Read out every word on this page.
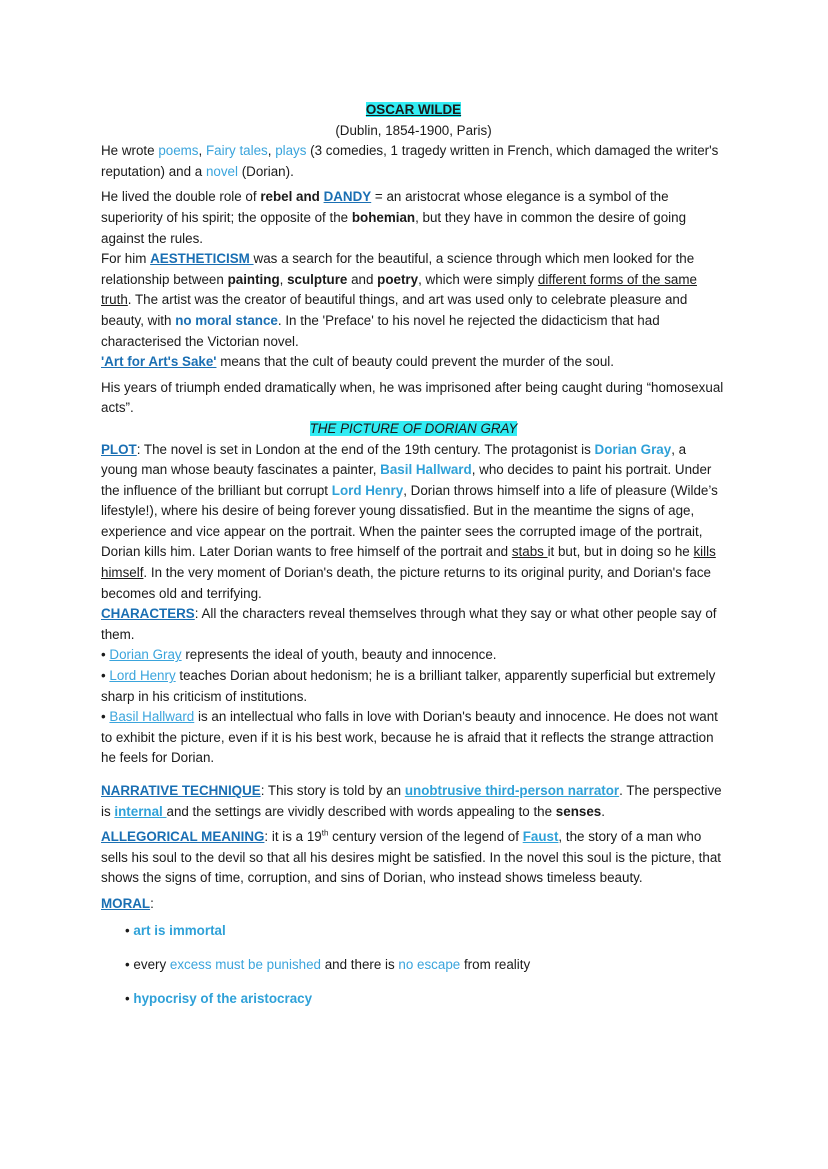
OSCAR WILDE

(Dublin, 1854-1900, Paris)

He wrote poems, Fairy tales, plays (3 comedies, 1 tragedy written in French, which damaged the writer's reputation) and a novel (Dorian).

He lived the double role of rebel and DANDY = an aristocrat whose elegance is a symbol of the superiority of his spirit; the opposite of the bohemian, but they have in common the desire of going against the rules.

For him AESTHETICISM was a search for the beautiful, a science through which men looked for the relationship between painting, sculpture and poetry, which were simply different forms of the same truth. The artist was the creator of beautiful things, and art was used only to celebrate pleasure and beauty, with no moral stance. In the 'Preface' to his novel he rejected the didacticism that had characterised the Victorian novel.

'Art for Art's Sake' means that the cult of beauty could prevent the murder of the soul.

His years of triumph ended dramatically when, he was imprisoned after being caught during “homosexual acts”.

THE PICTURE OF DORIAN GRAY

PLOT: The novel is set in London at the end of the 19th century. The protagonist is Dorian Gray, a young man whose beauty fascinates a painter, Basil Hallward, who decides to paint his portrait. Under the influence of the brilliant but corrupt Lord Henry, Dorian throws himself into a life of pleasure (Wilde’s lifestyle!), where his desire of being forever young dissatisfied. But in the meantime the signs of age, experience and vice appear on the portrait. When the painter sees the corrupted image of the portrait, Dorian kills him. Later Dorian wants to free himself of the portrait and stabs it but, but in doing so he kills himself. In the very moment of Dorian's death, the picture returns to its original purity, and Dorian's face becomes old and terrifying.

CHARACTERS: All the characters reveal themselves through what they say or what other people say of them.

• Dorian Gray represents the ideal of youth, beauty and innocence.

• Lord Henry teaches Dorian about hedonism; he is a brilliant talker, apparently superficial but extremely sharp in his criticism of institutions.

• Basil Hallward is an intellectual who falls in love with Dorian's beauty and innocence. He does not want to exhibit the picture, even if it is his best work, because he is afraid that it reflects the strange attraction he feels for Dorian.

NARRATIVE TECHNIQUE: This story is told by an unobtrusive third-person narrator. The perspective is internal and the settings are vividly described with words appealing to the senses.

ALLEGORICAL MEANING: it is a 19th century version of the legend of Faust, the story of a man who sells his soul to the devil so that all his desires might be satisfied. In the novel this soul is the picture, that shows the signs of time, corruption, and sins of Dorian, who instead shows timeless beauty.

MORAL:

• art is immortal

• every excess must be punished and there is no escape from reality

• hypocrisy of the aristocracy
